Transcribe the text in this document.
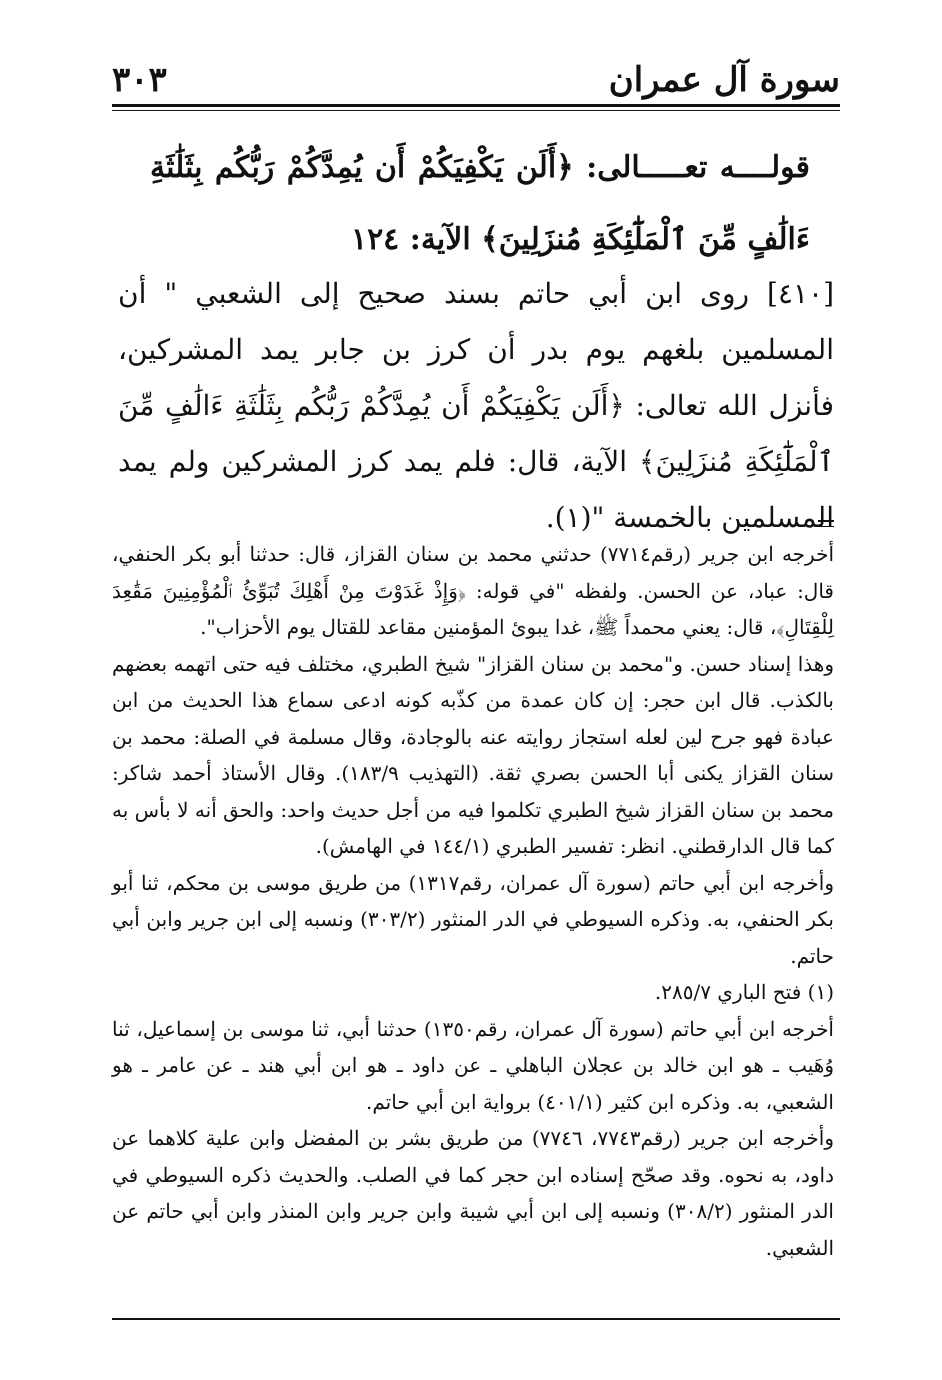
سورة آل عمران
٣٠٣
قولــــه تعـــــالى: ﴿أَلَن يَكْفِيَكُمْ أَن يُمِدَّكُمْ رَبُّكُم بِثَلَٰثَةِ ءَالَٰفٍ مِّنَ ٱلْمَلَٰٓئِكَةِ مُنزَلِينَ﴾ الآية: ١٢٤
[٤١٠] روى ابن أبي حاتم بسند صحيح إلى الشعبي " أن المسلمين بلغهم يوم بدر أن كرز بن جابر يمد المشركين، فأنزل الله تعالى: ﴿أَلَن يَكْفِيَكُمْ أَن يُمِدَّكُمْ رَبُّكُم بِثَلَٰثَةِ ءَالَٰفٍ مِّنَ ٱلْمَلَٰٓئِكَةِ مُنزَلِينَ﴾ الآية، قال: فلم يمد كرز المشركين ولم يمد المسلمين بالخمسة "(١).

أخرجه ابن جرير (رقم٧٧١٤) حدثني محمد بن سنان القزاز، قال: حدثنا أبو بكر الحنفي، قال: عباد، عن الحسن. ولفظه "في قوله: ﴿وَإِذْ غَدَوْتَ مِنْ أَهْلِكَ تُبَوِّئُ ٱلْمُؤْمِنِينَ مَقَٰعِدَ لِلْقِتَالِ﴾، قال: يعني محمداً ﷺ، غدا يبوئ المؤمنين مقاعد للقتال يوم الأحزاب".

وهذا إسناد حسن. و"محمد بن سنان القزاز" شيخ الطبري، مختلف فيه حتى اتهمه بعضهم بالكذب. قال ابن حجر: إن كان عمدة من كذّبه كونه ادعى سماع هذا الحديث من ابن عبادة فهو جرح لين لعله استجاز روايته عنه بالوجادة، وقال مسلمة في الصلة: محمد بن سنان القزاز يكنى أبا الحسن بصري ثقة. (التهذيب ١٨٣/٩). وقال الأستاذ أحمد شاكر: محمد بن سنان القزاز شيخ الطبري تكلموا فيه من أجل حديث واحد: والحق أنه لا بأس به كما قال الدارقطني. انظر: تفسير الطبري (١٤٤/١ في الهامش).

وأخرجه ابن أبي حاتم (سورة آل عمران، رقم١٣١٧) من طريق موسى بن محكم، ثنا أبو بكر الحنفي، به. وذكره السيوطي في الدر المنثور (٣٠٣/٢) ونسبه إلى ابن جرير وابن أبي حاتم.

(١) فتح الباري ٢٨٥/٧.

أخرجه ابن أبي حاتم (سورة آل عمران، رقم١٣٥٠) حدثنا أبي، ثنا موسى بن إسماعيل، ثنا وُهَيب ـ هو ابن خالد بن عجلان الباهلي ـ عن داود ـ هو ابن أبي هند ـ عن عامر ـ هو الشعبي، به. وذكره ابن كثير (٤٠١/١) برواية ابن أبي حاتم.

وأخرجه ابن جرير (رقم٧٧٤٣، ٧٧٤٦) من طريق بشر بن المفضل وابن علية كلاهما عن داود، به نحوه. وقد صحّح إسناده ابن حجر كما في الصلب. والحديث ذكره السيوطي في الدر المنثور (٣٠٨/٢) ونسبه إلى ابن أبي شيبة وابن جرير وابن المنذر وابن أبي حاتم عن الشعبي.
